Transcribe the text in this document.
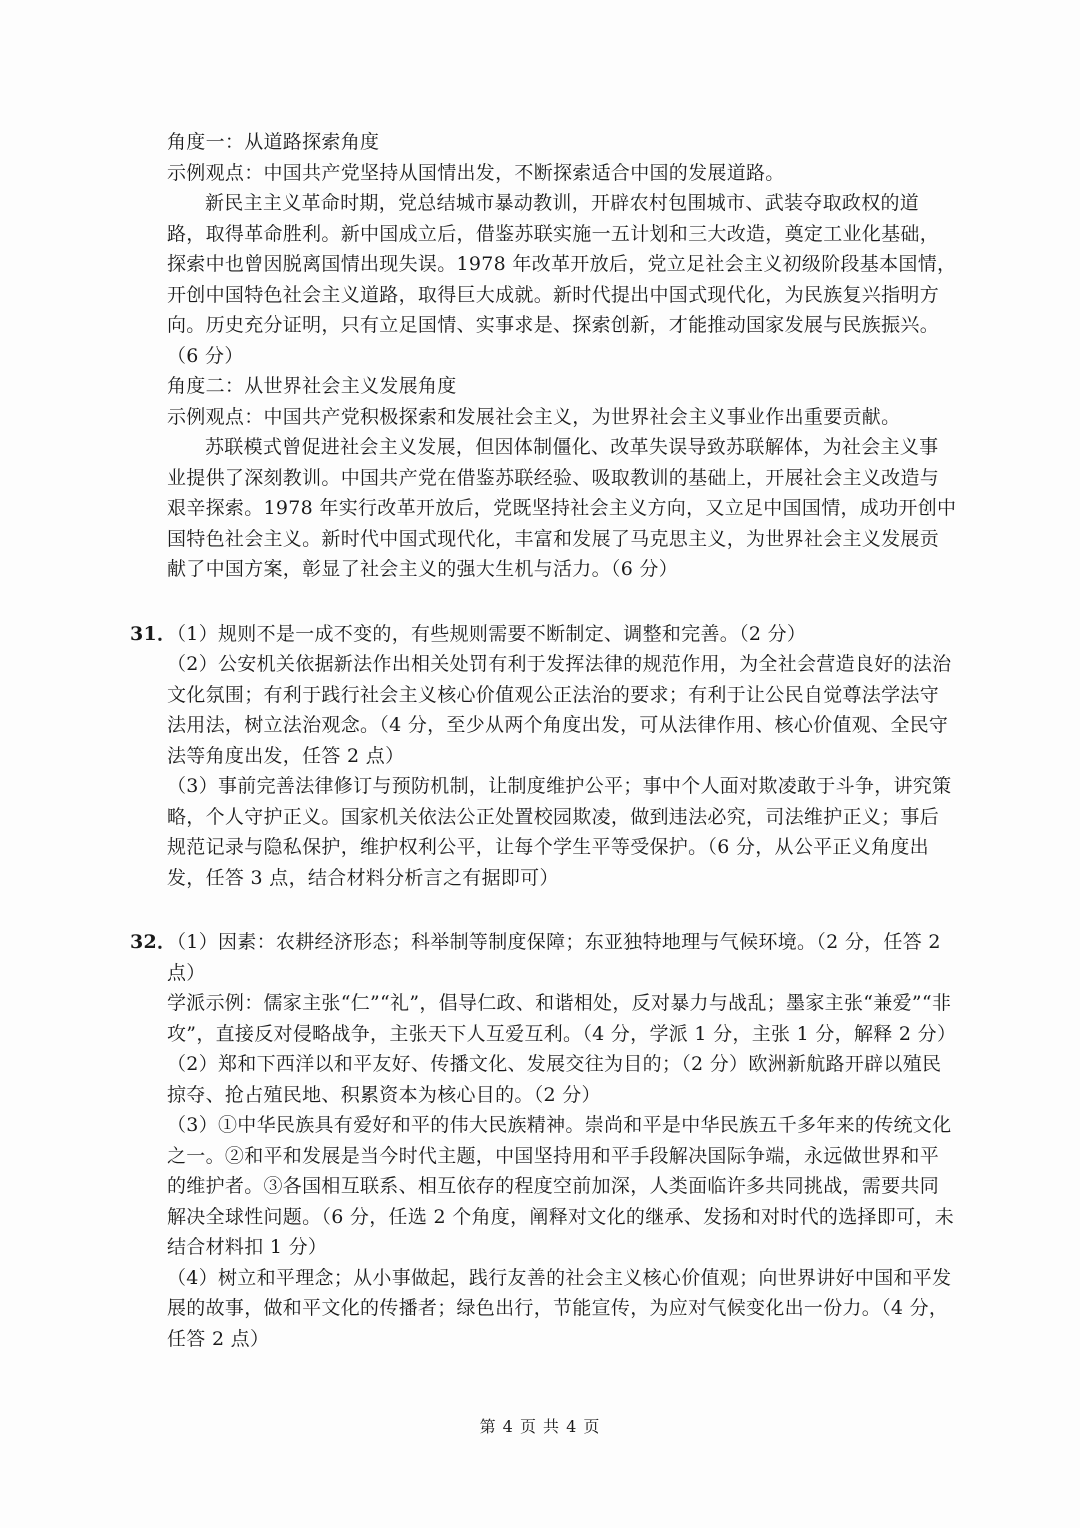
角度一：从道路探索角度

示例观点：中国共产党坚持从国情出发，不断探索适合中国的发展道路。

新民主主义革命时期，党总结城市暴动教训，开辟农村包围城市、武装夺取政权的道路，取得革命胜利。新中国成立后，借鉴苏联实施一五计划和三大改造，奠定工业化基础，探索中也曾因脱离国情出现失误。1978 年改革开放后，党立足社会主义初级阶段基本国情，开创中国特色社会主义道路，取得巨大成就。新时代提出中国式现代化，为民族复兴指明方向。历史充分证明，只有立足国情、实事求是、探索创新，才能推动国家发展与民族振兴。（6 分）

角度二：从世界社会主义发展角度

示例观点：中国共产党积极探索和发展社会主义，为世界社会主义事业作出重要贡献。

苏联模式曾促进社会主义发展，但因体制僵化、改革失误导致苏联解体，为社会主义事业提供了深刻教训。中国共产党在借鉴苏联经验、吸取教训的基础上，开展社会主义改造与艰辛探索。1978 年实行改革开放后，党既坚持社会主义方向，又立足中国国情，成功开创中国特色社会主义。新时代中国式现代化，丰富和发展了马克思主义，为世界社会主义发展贡献了中国方案，彰显了社会主义的强大生机与活力。（6 分）

31．

（1）规则不是一成不变的，有些规则需要不断制定、调整和完善。（2 分）

（2）公安机关依据新法作出相关处罚有利于发挥法律的规范作用，为全社会营造良好的法治文化氛围；有利于践行社会主义核心价值观公正法治的要求；有利于让公民自觉尊法学法守法用法，树立法治观念。（4 分，至少从两个角度出发，可从法律作用、核心价值观、全民守法等角度出发，任答 2 点）

（3）事前完善法律修订与预防机制，让制度维护公平；事中个人面对欺凌敢于斗争，讲究策略，个人守护正义。国家机关依法公正处置校园欺凌，做到违法必究，司法维护正义；事后规范记录与隐私保护，维护权利公平，让每个学生平等受保护。（6 分，从公平正义角度出发，任答 3 点，结合材料分析言之有据即可）

32．

（1）因素：农耕经济形态；科举制等制度保障；东亚独特地理与气候环境。（2 分，任答 2 点）

学派示例：儒家主张“仁”“礼”，倡导仁政、和谐相处，反对暴力与战乱；墨家主张“兼爱”“非攻”，直接反对侵略战争，主张天下人互爱互利。（4 分，学派 1 分，主张 1 分，解释 2 分）

（2）郑和下西洋以和平友好、传播文化、发展交往为目的；（2 分）欧洲新航路开辟以殖民掠夺、抢占殖民地、积累资本为核心目的。（2 分）

（3）①中华民族具有爱好和平的伟大民族精神。崇尚和平是中华民族五千多年来的传统文化之一。②和平和发展是当今时代主题，中国坚持用和平手段解决国际争端，永远做世界和平的维护者。③各国相互联系、相互依存的程度空前加深，人类面临许多共同挑战，需要共同解决全球性问题。（6 分，任选 2 个角度，阐释对文化的继承、发扬和对时代的选择即可，未结合材料扣 1 分）

（4）树立和平理念；从小事做起，践行友善的社会主义核心价值观；向世界讲好中国和平发展的故事，做和平文化的传播者；绿色出行，节能宣传，为应对气候变化出一份力。（4 分，任答 2 点）

第 4 页 共 4 页
